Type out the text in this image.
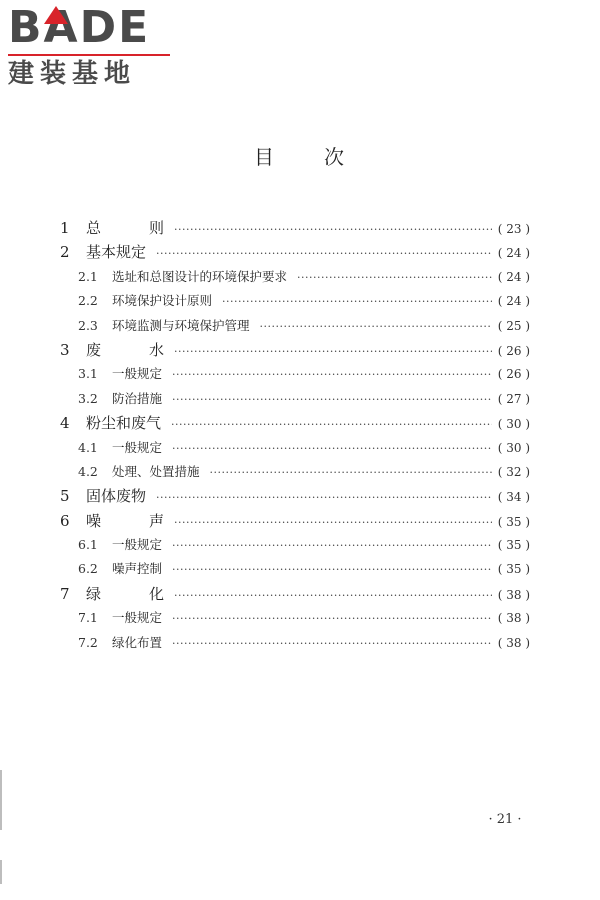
BADE
建装基地
目 次
1	总　　则 ·····	( 23 )
2	基本规定 ·····	( 24 )
2.1	选址和总图设计的环境保护要求 ·····	( 24 )
2.2	环境保护设计原则 ·····	( 24 )
2.3	环境监测与环境保护管理 ·····	( 25 )
3	废　　水 ·····	( 26 )
3.1	一般规定 ·····	( 26 )
3.2	防治措施 ·····	( 27 )
4	粉尘和废气 ·····	( 30 )
4.1	一般规定 ·····	( 30 )
4.2	处理、处置措施 ·····	( 32 )
5	固体废物 ·····	( 34 )
6	噪　　声 ·····	( 35 )
6.1	一般规定 ·····	( 35 )
6.2	噪声控制 ·····	( 35 )
7	绿　　化 ·····	( 38 )
7.1	一般规定 ·····	( 38 )
7.2	绿化布置 ·····	( 38 )
· 21 ·
